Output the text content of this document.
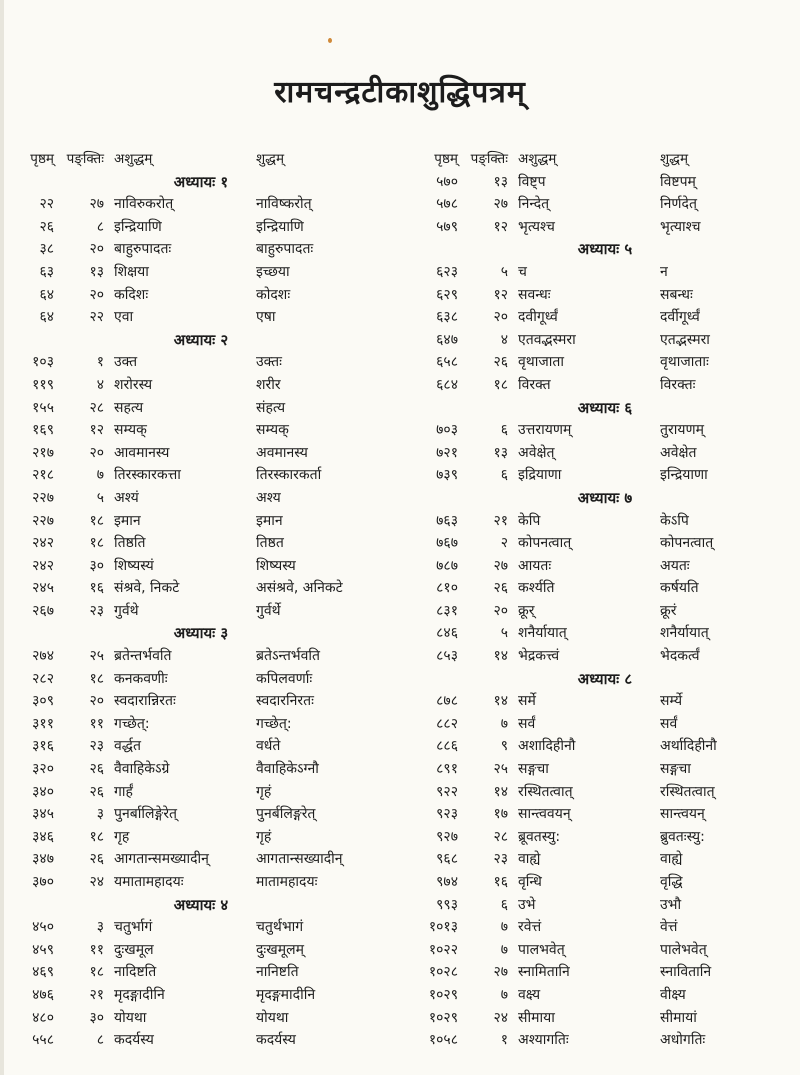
रामचन्द्रटीकाशुद्धिपत्रम्
पृष्ठम् पङ्क्तिः अशुद्धम्	शुद्धम्
अध्यायः १
२२	२७ नाविरुकरोत्	नाविष्करोत्
२६	८ इन्द्रियाणि	इन्द्रियाणि
३८	२० बाहुरुपादतः	बाहुरुपादतः
६३	१३ शिक्षया	इच्छया
६४	२० कदिशः	कोदशः
६४	२२ एवा	एषा
अध्यायः २
१०३	१ उक्त	उक्तः
११९	४ शरोरस्य	शरीर
१५५	२८ सहत्य	संहत्य
१६९	१२ सम्यक्	सम्यक्
२१७	२० आवमानस्य	अवमानस्य
२१८	७ तिरस्कारकत्ता	तिरस्कारकर्ता
२२७	५ अश्यं	अश्य
२२७	१८ इमान	इमान
२४२	१८ तिष्ठति	तिष्ठत
२४२	३० शिष्यस्यं	शिष्यस्य
२४५	१६ संश्रवे, निकटे	असंश्रवे, अनिकटे
२६७	२३ गुर्वथे	गुर्वर्थे
अध्यायः ३
२७४	२५ ब्रतेन्तर्भवति	ब्रतेऽन्तर्भवति
२८२	१८ कनकवणीः	कपिलवर्णाः
३०९	२० स्वदारान्निरतः	स्वदारनिरतः
३११	११ गच्छेत्:	गच्छेत्:
३१६	२३ वर्द्धत	वर्धते
३२०	२६ वैवाहिकेऽग्रे	वैवाहिकेऽग्नौ
३४०	२६ गार्हं	गृहं
३४५	३ पुनर्बालिङ्गेरेत्	पुनर्बलिङ्गरेत्
३४६	१८ गृह	गृहं
३४७	२६ आगतान्समख्यादीन्	आगतान्सख्यादीन्
३७०	२४ यमातामहादयः	मातामहादयः
अध्यायः ४
४५०	३ चतुर्भागं	चतुर्थभागं
४५९	११ दुःखमूल	दुःखमूलम्
४६९	१८ नादिष्टति	नानिष्टति
४७६	२१ मृदङ्गादीनि	मृदङ्गमादीनि
४८०	३० योयथा	योयथा
५५८	८ कदर्यस्य	कदर्यस्य
पृष्ठम् पङ्क्तिः अशुद्धम्	शुद्धम्
५७०	१३ विष्ट्प	विष्टपम्
५७८	२७ निन्देत्	निर्णदेत्
५७९	१२ भृत्यश्च	भृत्याश्च
अध्यायः ५
६२३	५ च	न
६२९	१२ सवन्धः	सबन्धः
६३८	२० दवीगूर्ध्वं	दर्वीगूर्ध्वं
६४७	४ एतवद्भस्मरा	एतद्भस्मरा
६५८	२६ वृथाजाता	वृथाजाताः
६८४	१८ विरक्त	विरक्तः
अध्यायः ६
७०३	६ उत्तरायणम्	तुरायणम्
७२१	१३ अवेक्षेत्	अवेक्षेत
७३९	६ इद्रियाणा	इन्द्रियाणा
अध्यायः ७
७६३	२१ केपि	केऽपि
७६७	२ कोपनत्वात्	कोपनत्वात्
७८७	२७ आयतः	अयतः
८१०	२६ कर्श्यति	कर्षयति
८३१	२० क्रूर्	क्रूरं
८४६	५ शनैर्यायात्	शनैर्यायात्
८५३	१४ भेद्रकत्त्वं	भेदकर्त्वं
अध्यायः ८
८७८	१४ सर्मे	सर्म्ये
८८२	७ सर्वं	सर्वं
८८६	९ अशादिहीनौ	अर्थादिहीनौ
८९१	२५ सङ्गचा	सङ्गचा
९२२	१४ रस्थितत्वात्	रस्थितत्वात्
९२३	१७ सान्त्ववयन्	सान्त्वयन्
९२७	२८ ब्रूवतस्यु:	ब्रुवतःस्यु:
९६८	२३ वाह्ये	वाह्ये
९७४	१६ वृन्धि	वृद्धि
९९३	६ उभे	उभौ
१०१३	७ रवेत्तं	वेत्तं
१०२२	७ पालभवेत्	पालेभवेत्
१०२८	२७ स्नामितानि	स्नावितानि
१०२९	७ वक्ष्य	वीक्ष्य
१०२९	२४ सीमाया	सीमायां
१०५८	१ अश्यागतिः	अधोगतिः
